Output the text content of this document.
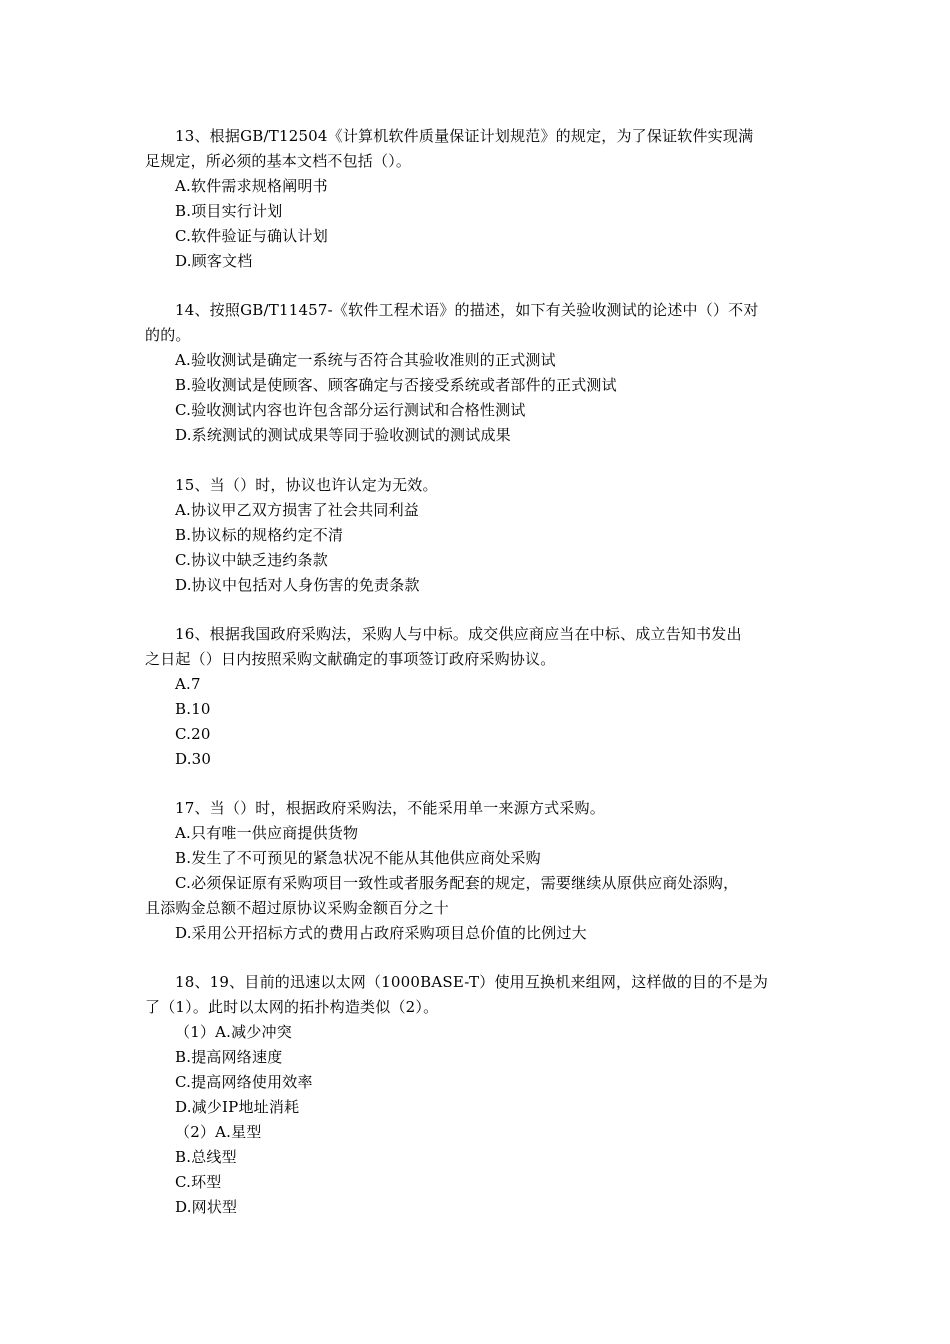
13、根据GB/T12504《计算机软件质量保证计划规范》的规定，为了保证软件实现满
足规定，所必须的基本文档不包括（）。
A.软件需求规格阐明书
B.项目实行计划
C.软件验证与确认计划
D.顾客文档
14、按照GB/T11457-《软件工程术语》的描述，如下有关验收测试的论述中（）不对
的的。
A.验收测试是确定一系统与否符合其验收准则的正式测试
B.验收测试是使顾客、顾客确定与否接受系统或者部件的正式测试
C.验收测试内容也许包含部分运行测试和合格性测试
D.系统测试的测试成果等同于验收测试的测试成果
15、当（）时，协议也许认定为无效。
A.协议甲乙双方损害了社会共同利益
B.协议标的规格约定不清
C.协议中缺乏违约条款
D.协议中包括对人身伤害的免责条款
16、根据我国政府采购法，采购人与中标。成交供应商应当在中标、成立告知书发出
之日起（）日内按照采购文献确定的事项签订政府采购协议。
A.7
B.10
C.20
D.30
17、当（）时，根据政府采购法，不能采用单一来源方式采购。
A.只有唯一供应商提供货物
B.发生了不可预见的紧急状况不能从其他供应商处采购
C.必须保证原有采购项目一致性或者服务配套的规定，需要继续从原供应商处添购，
且添购金总额不超过原协议采购金额百分之十
D.采用公开招标方式的费用占政府采购项目总价值的比例过大
18、19、目前的迅速以太网（1000BASE-T）使用互换机来组网，这样做的目的不是为
了（1）。此时以太网的拓扑构造类似（2）。
（1）A.减少冲突
B.提高网络速度
C.提高网络使用效率
D.减少IP地址消耗
（2）A.星型
B.总线型
C.环型
D.网状型
